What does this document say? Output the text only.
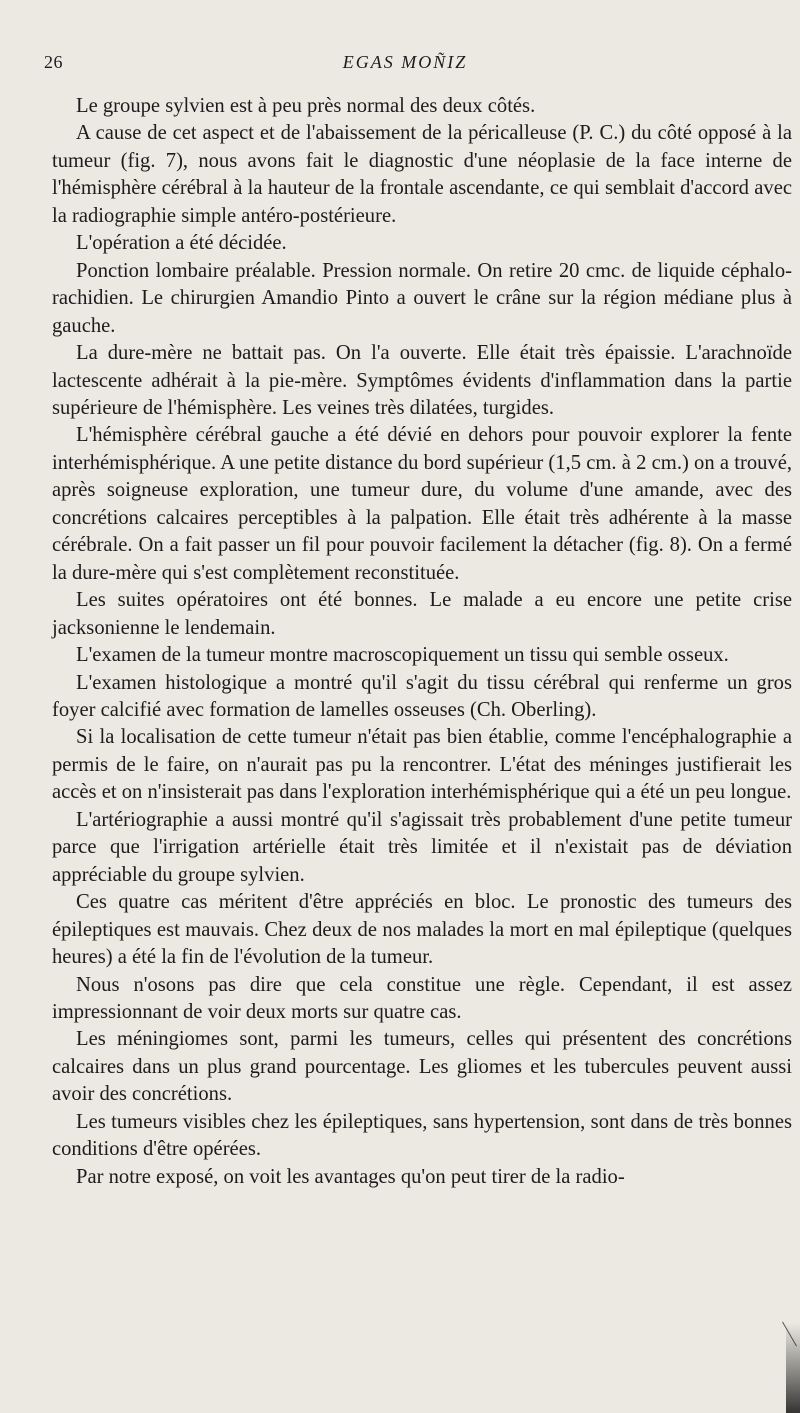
26	EGAS MOÑIZ

Le groupe sylvien est à peu près normal des deux côtés.

A cause de cet aspect et de l'abaissement de la péricalleuse (P. C.) du côté opposé à la tumeur (fig. 7), nous avons fait le diagnostic d'une néoplasie de la face interne de l'hémisphère cérébral à la hauteur de la frontale ascendante, ce qui semblait d'accord avec la radiographie simple antéro-postérieure.

L'opération a été décidée.

Ponction lombaire préalable. Pression normale. On retire 20 cmc. de liquide céphalo-rachidien. Le chirurgien Amandio Pinto a ouvert le crâne sur la région médiane plus à gauche.

La dure-mère ne battait pas. On l'a ouverte. Elle était très épaissie. L'arachnoïde lactescente adhérait à la pie-mère. Symptômes évidents d'inflammation dans la partie supérieure de l'hémisphère. Les veines très dilatées, turgides.

L'hémisphère cérébral gauche a été dévié en dehors pour pouvoir explorer la fente interhémisphérique. A une petite distance du bord supérieur (1,5 cm. à 2 cm.) on a trouvé, après soigneuse exploration, une tumeur dure, du volume d'une amande, avec des concrétions calcaires perceptibles à la palpation. Elle était très adhérente à la masse cérébrale. On a fait passer un fil pour pouvoir facilement la détacher (fig. 8). On a fermé la dure-mère qui s'est complètement reconstituée.

Les suites opératoires ont été bonnes. Le malade a eu encore une petite crise jacksonienne le lendemain.

L'examen de la tumeur montre macroscopiquement un tissu qui semble osseux.

L'examen histologique a montré qu'il s'agit du tissu cérébral qui renferme un gros foyer calcifié avec formation de lamelles osseuses (Ch. Oberling).

Si la localisation de cette tumeur n'était pas bien établie, comme l'encéphalographie a permis de le faire, on n'aurait pas pu la rencontrer. L'état des méninges justifierait les accès et on n'insisterait pas dans l'exploration interhémisphérique qui a été un peu longue.

L'artériographie a aussi montré qu'il s'agissait très probablement d'une petite tumeur parce que l'irrigation artérielle était très limitée et il n'existait pas de déviation appréciable du groupe sylvien.

Ces quatre cas méritent d'être appréciés en bloc. Le pronostic des tumeurs des épileptiques est mauvais. Chez deux de nos malades la mort en mal épileptique (quelques heures) a été la fin de l'évolution de la tumeur.

Nous n'osons pas dire que cela constitue une règle. Cependant, il est assez impressionnant de voir deux morts sur quatre cas.

Les méningiomes sont, parmi les tumeurs, celles qui présentent des concrétions calcaires dans un plus grand pourcentage. Les gliomes et les tubercules peuvent aussi avoir des concrétions.

Les tumeurs visibles chez les épileptiques, sans hypertension, sont dans de très bonnes conditions d'être opérées.

Par notre exposé, on voit les avantages qu'on peut tirer de la radio-
